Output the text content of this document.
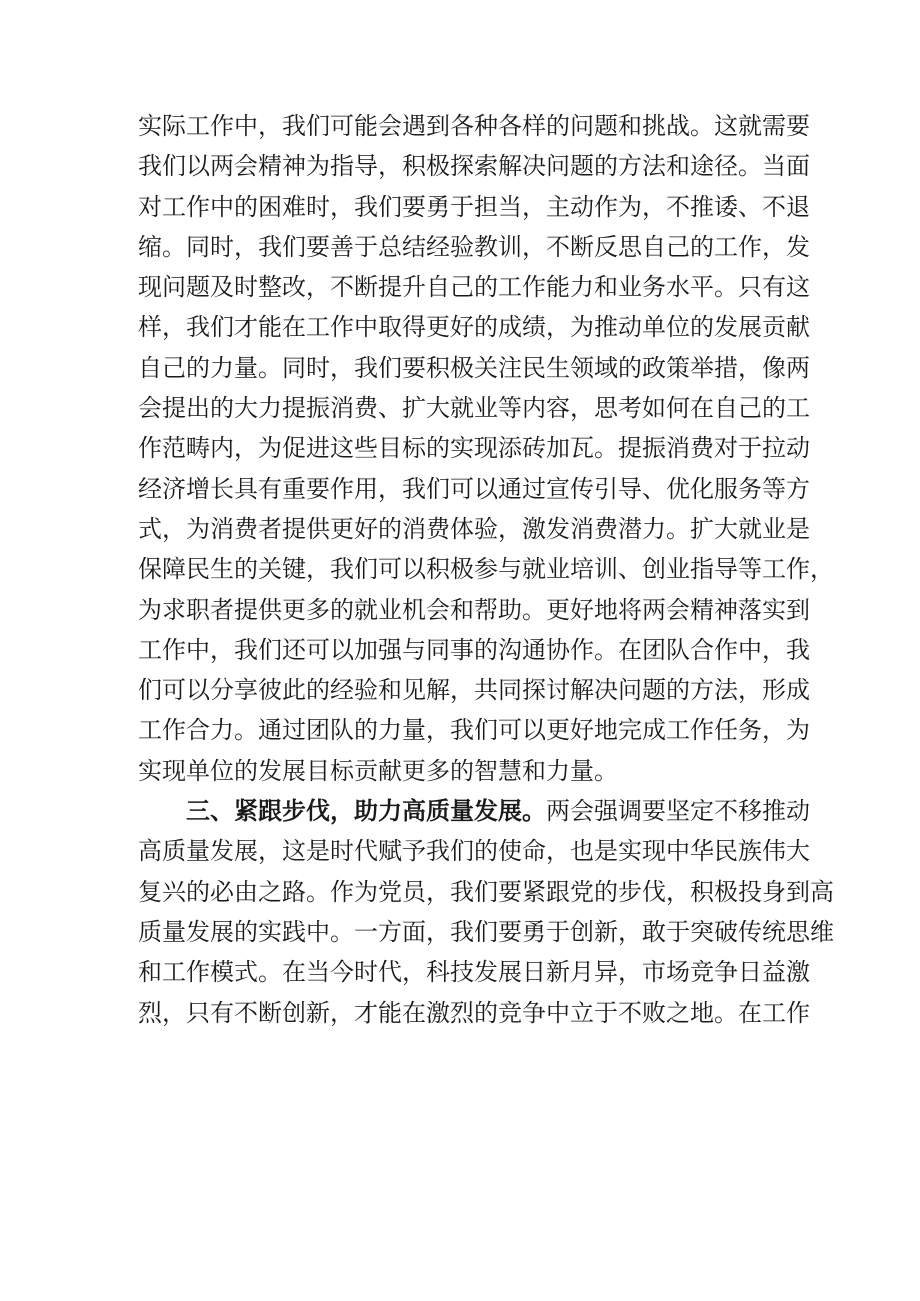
实际工作中，我们可能会遇到各种各样的问题和挑战。这就需要
我们以两会精神为指导，积极探索解决问题的方法和途径。当面
对工作中的困难时，我们要勇于担当，主动作为，不推诿、不退
缩。同时，我们要善于总结经验教训，不断反思自己的工作，发
现问题及时整改，不断提升自己的工作能力和业务水平。只有这
样，我们才能在工作中取得更好的成绩，为推动单位的发展贡献
自己的力量。同时，我们要积极关注民生领域的政策举措，像两
会提出的大力提振消费、扩大就业等内容，思考如何在自己的工
作范畴内，为促进这些目标的实现添砖加瓦。提振消费对于拉动
经济增长具有重要作用，我们可以通过宣传引导、优化服务等方
式，为消费者提供更好的消费体验，激发消费潜力。扩大就业是
保障民生的关键，我们可以积极参与就业培训、创业指导等工作，
为求职者提供更多的就业机会和帮助。更好地将两会精神落实到
工作中，我们还可以加强与同事的沟通协作。在团队合作中，我
们可以分享彼此的经验和见解，共同探讨解决问题的方法，形成
工作合力。通过团队的力量，我们可以更好地完成工作任务，为
实现单位的发展目标贡献更多的智慧和力量。
三、紧跟步伐，助力高质量发展。两会强调要坚定不移推动
高质量发展，这是时代赋予我们的使命，也是实现中华民族伟大
复兴的必由之路。作为党员，我们要紧跟党的步伐，积极投身到高
质量发展的实践中。一方面，我们要勇于创新，敢于突破传统思维
和工作模式。在当今时代，科技发展日新月异，市场竞争日益激
烈，只有不断创新，才能在激烈的竞争中立于不败之地。在工作
